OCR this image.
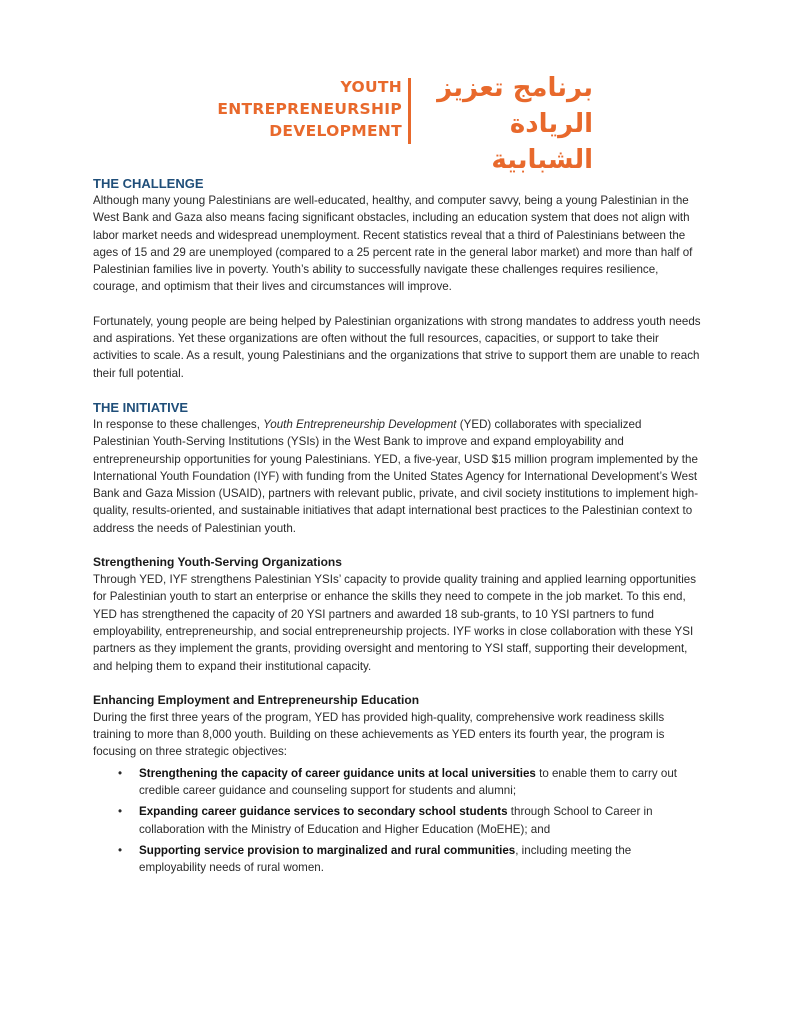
YOUTH
ENTREPRENEURSHIP
DEVELOPMENT
برنامج تعزيز
الريادة الشبابية
THE CHALLENGE

Although many young Palestinians are well-educated, healthy, and computer savvy, being a young Palestinian in the West Bank and Gaza also means facing significant obstacles, including an education system that does not align with labor market needs and widespread unemployment. Recent statistics reveal that a third of Palestinians between the ages of 15 and 29 are unemployed (compared to a 25 percent rate in the general labor market) and more than half of Palestinian families live in poverty. Youth’s ability to successfully navigate these challenges requires resilience, courage, and optimism that their lives and circumstances will improve.

Fortunately, young people are being helped by Palestinian organizations with strong mandates to address youth needs and aspirations. Yet these organizations are often without the full resources, capacities, or support to take their activities to scale. As a result, young Palestinians and the organizations that strive to support them are unable to reach their full potential.

THE INITIATIVE

In response to these challenges, Youth Entrepreneurship Development (YED) collaborates with specialized Palestinian Youth-Serving Institutions (YSIs) in the West Bank to improve and expand employability and entrepreneurship opportunities for young Palestinians. YED, a five-year, USD $15 million program implemented by the International Youth Foundation (IYF) with funding from the United States Agency for International Development’s West Bank and Gaza Mission (USAID), partners with relevant public, private, and civil society institutions to implement high-quality, results-oriented, and sustainable initiatives that adapt international best practices to the Palestinian context to address the needs of Palestinian youth.

Strengthening Youth-Serving Organizations

Through YED, IYF strengthens Palestinian YSIs’ capacity to provide quality training and applied learning opportunities for Palestinian youth to start an enterprise or enhance the skills they need to compete in the job market. To this end, YED has strengthened the capacity of 20 YSI partners and awarded 18 sub-grants, to 10 YSI partners to fund employability, entrepreneurship, and social entrepreneurship projects. IYF works in close collaboration with these YSI partners as they implement the grants, providing oversight and mentoring to YSI staff, supporting their development, and helping them to expand their institutional capacity.

Enhancing Employment and Entrepreneurship Education

During the first three years of the program, YED has provided high-quality, comprehensive work readiness skills training to more than 8,000 youth. Building on these achievements as YED enters its fourth year, the program is focusing on three strategic objectives:

• Strengthening the capacity of career guidance units at local universities to enable them to carry out credible career guidance and counseling support for students and alumni;
• Expanding career guidance services to secondary school students through School to Career in collaboration with the Ministry of Education and Higher Education (MoEHE); and
• Supporting service provision to marginalized and rural communities, including meeting the employability needs of rural women.
